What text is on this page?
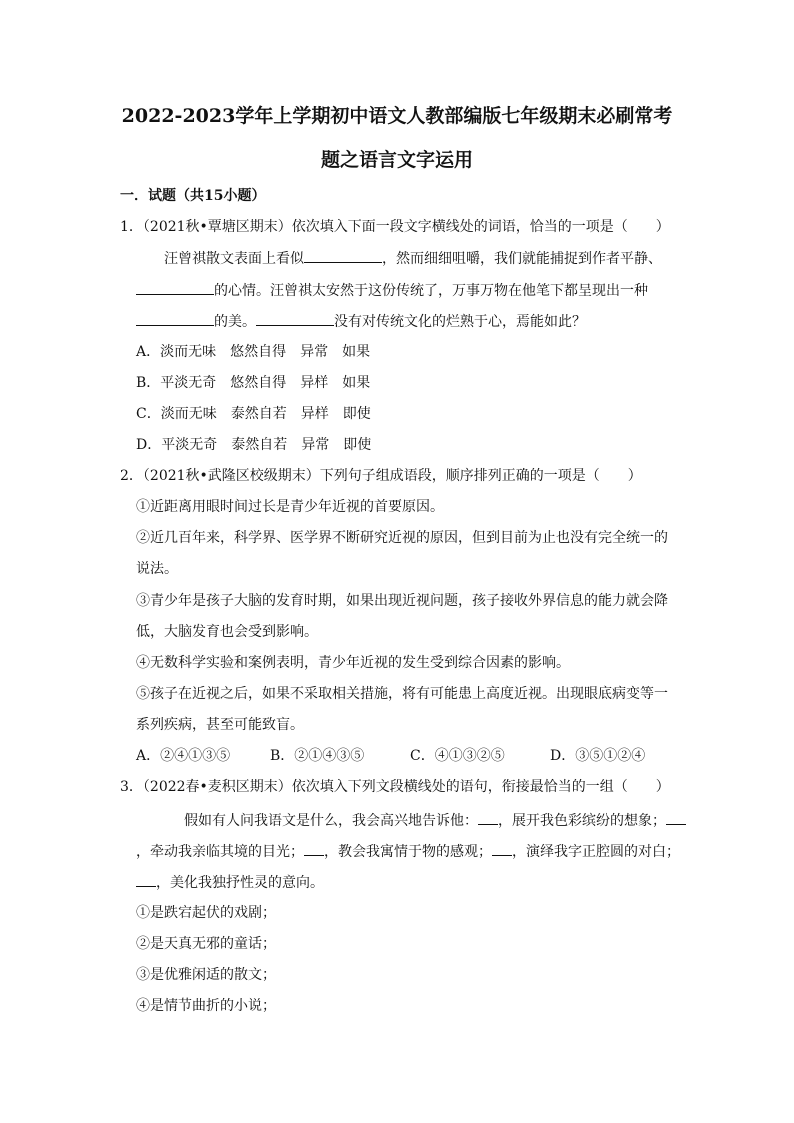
2022-2023学年上学期初中语文人教部编版七年级期末必刷常考
题之语言文字运用
一．试题（共15小题）
1．（2021秋•覃塘区期末）依次填入下面一段文字横线处的词语，恰当的一项是（　　）
汪曾祺散文表面上看似	，然而细细咀嚼，我们就能捕捉到作者平静、
的心情。汪曾祺太安然于这份传统了，万事万物在他笔下都呈现出一种
的美。	没有对传统文化的烂熟于心，焉能如此？
A．淡而无味　悠然自得　异常　如果
B．平淡无奇　悠然自得　异样　如果
C．淡而无味　泰然自若　异样　即使
D．平淡无奇　泰然自若　异常　即使
2．（2021秋•武隆区校级期末）下列句子组成语段，顺序排列正确的一项是（　　）
①近距离用眼时间过长是青少年近视的首要原因。
②近几百年来，科学界、医学界不断研究近视的原因，但到目前为止也没有完全统一的
说法。
③青少年是孩子大脑的发育时期，如果出现近视问题，孩子接收外界信息的能力就会降
低，大脑发育也会受到影响。
④无数科学实验和案例表明，青少年近视的发生受到综合因素的影响。
⑤孩子在近视之后，如果不采取相关措施，将有可能患上高度近视。出现眼底病变等一
系列疾病，甚至可能致盲。
A．②④①③⑤	B．②①④③⑤	C．④①③②⑤	D．③⑤①②④
3．（2022春•麦积区期末）依次填入下列文段横线处的语句，衔接最恰当的一组（　　）
假如有人问我语文是什么，我会高兴地告诉他： ，展开我色彩缤纷的想象；
，牵动我亲临其境的目光； ，教会我寓情于物的感观； ，演绎我字正腔圆的对白；
，美化我独抒性灵的意向。
①是跌宕起伏的戏剧；
②是天真无邪的童话；
③是优雅闲适的散文；
④是情节曲折的小说；
